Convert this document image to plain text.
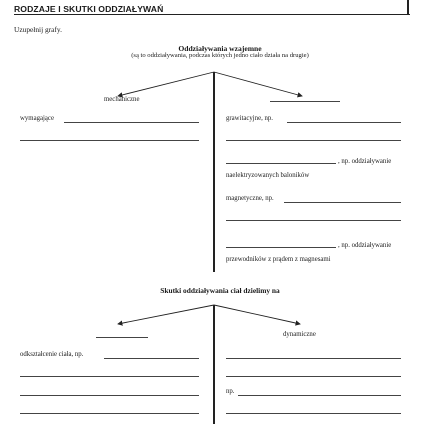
RODZAJE I SKUTKI ODDZIAŁYWAŃ
Uzupełnij grafy.
Oddziaływania wzajemne
(są to oddziaływania, podczas których jedno ciało działa na drugie)
mechaniczne
wymagające	grawitacyjne, np.
, np. oddziaływanie
naelektryzowanych baloników
magnetyczne, np.
, np. oddziaływanie
przewodników z prądem z magnesami
Skutki oddziaływania ciał dzielimy na
dynamiczne
odkształcenie ciała, np.
np.
